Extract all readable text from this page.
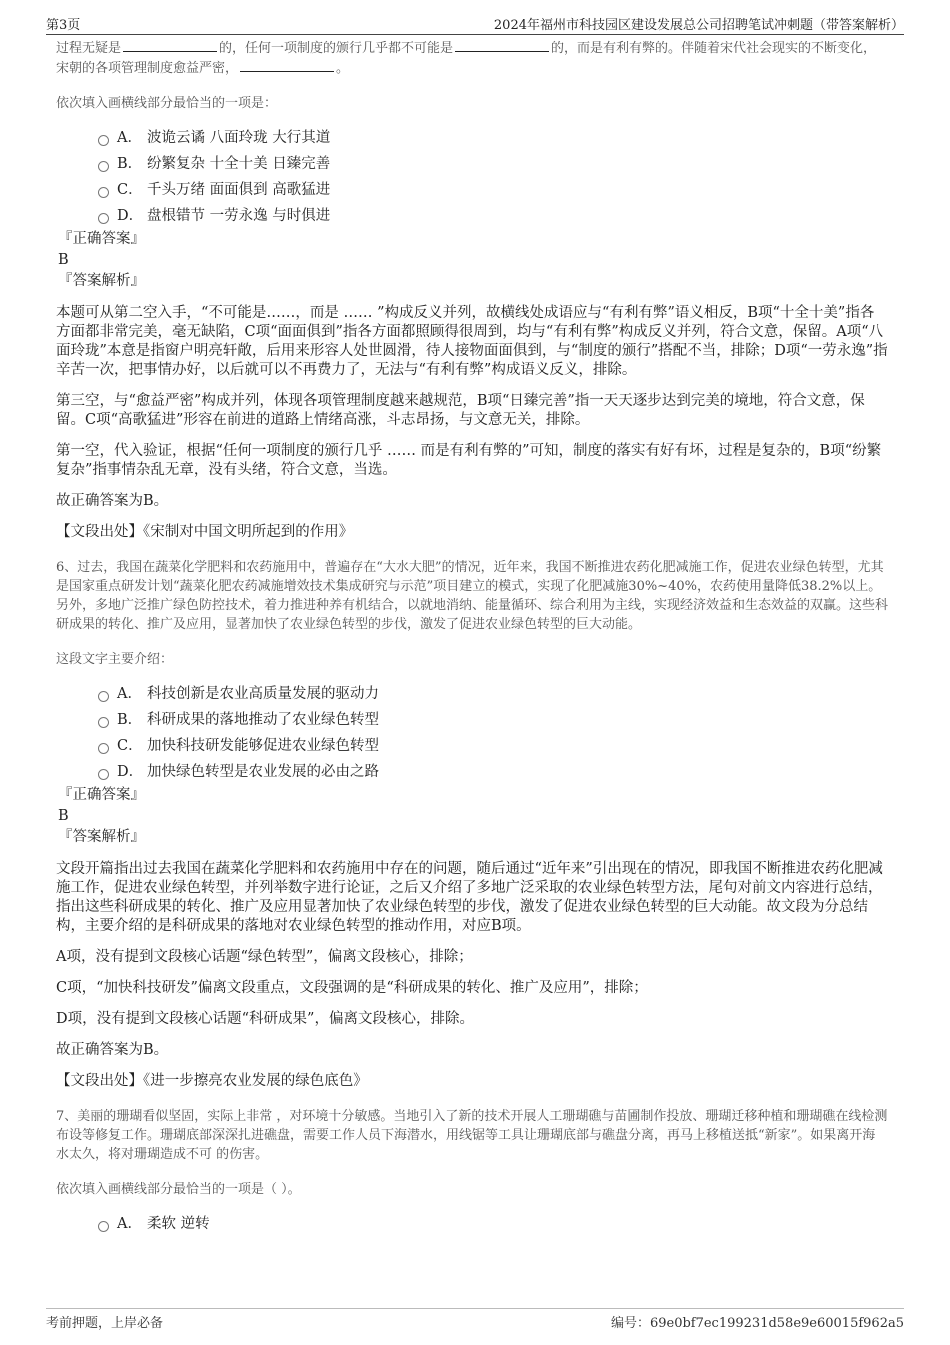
第3页	2024年福州市科技园区建设发展总公司招聘笔试冲刺题（带答案解析）

过程无疑是	的，任何一项制度的颁行几乎都不可能是	的，而是有利有弊的。伴随着宋代社会现实的不断变化，
宋朝的各项管理制度愈益严密，	。

依次填入画横线部分最恰当的一项是：

A． 波诡云谲 八面玲珑 大行其道
B． 纷繁复杂 十全十美 日臻完善
C． 千头万绪 面面俱到 高歌猛进
D． 盘根错节 一劳永逸 与时俱进

『正确答案』

B

『答案解析』

本题可从第二空入手，“不可能是……，而是 …… ”构成反义并列，故横线处成语应与“有利有弊”语义相反，B项“十全十美”指各方面都非常完美，毫无缺陷，C项“面面俱到”指各方面都照顾得很周到，均与“有利有弊”构成反义并列，符合文意，保留。A项“八面玲珑”本意是指窗户明亮轩敞，后用来形容人处世圆滑，待人接物面面俱到，与“制度的颁行”搭配不当，排除；D项“一劳永逸”指辛苦一次，把事情办好，以后就可以不再费力了，无法与“有利有弊”构成语义反义，排除。

第三空，与“愈益严密”构成并列，体现各项管理制度越来越规范，B项“日臻完善”指一天天逐步达到完美的境地，符合文意，保留。C项“高歌猛进”形容在前进的道路上情绪高涨，斗志昂扬，与文意无关，排除。

第一空，代入验证，根据“任何一项制度的颁行几乎 …… 而是有利有弊的”可知，制度的落实有好有坏，过程是复杂的，B项“纷繁复杂”指事情杂乱无章，没有头绪，符合文意，当选。

故正确答案为B。

【文段出处】《宋制对中国文明所起到的作用》

6、过去，我国在蔬菜化学肥料和农药施用中，普遍存在“大水大肥”的情况，近年来，我国不断推进农药化肥减施工作，促进农业绿色转型，尤其是国家重点研发计划“蔬菜化肥农药减施增效技术集成研究与示范”项目建立的模式，实现了化肥减施30%~40%，农药使用量降低38.2%以上。另外，多地广泛推广绿色防控技术，着力推进种养有机结合，以就地消纳、能量循环、综合利用为主线，实现经济效益和生态效益的双赢。这些科研成果的转化、推广及应用，显著加快了农业绿色转型的步伐，激发了促进农业绿色转型的巨大动能。

这段文字主要介绍：

A． 科技创新是农业高质量发展的驱动力
B． 科研成果的落地推动了农业绿色转型
C． 加快科技研发能够促进农业绿色转型
D． 加快绿色转型是农业发展的必由之路

『正确答案』

B

『答案解析』

文段开篇指出过去我国在蔬菜化学肥料和农药施用中存在的问题，随后通过“近年来”引出现在的情况，即我国不断推进农药化肥减施工作，促进农业绿色转型，并列举数字进行论证，之后又介绍了多地广泛采取的农业绿色转型方法，尾句对前文内容进行总结，指出这些科研成果的转化、推广及应用显著加快了农业绿色转型的步伐，激发了促进农业绿色转型的巨大动能。故文段为分总结构，主要介绍的是科研成果的落地对农业绿色转型的推动作用，对应B项。

A项，没有提到文段核心话题“绿色转型”，偏离文段核心，排除；

C项，“加快科技研发”偏离文段重点，文段强调的是“科研成果的转化、推广及应用”，排除；

D项，没有提到文段核心话题“科研成果”，偏离文段核心，排除。

故正确答案为B。

【文段出处】《进一步擦亮农业发展的绿色底色》

7、美丽的珊瑚看似坚固，实际上非常 ，对环境十分敏感。当地引入了新的技术开展人工珊瑚礁与苗圃制作投放、珊瑚迁移种植和珊瑚礁在线检测布设等修复工作。珊瑚底部深深扎进礁盘，需要工作人员下海潜水，用线锯等工具让珊瑚底部与礁盘分离，再马上移植送抵“新家”。如果离开海水太久，将对珊瑚造成不可 的伤害。

依次填入画横线部分最恰当的一项是（ ）。

A． 柔软 逆转
考前押题，上岸必备	编号：69e0bf7ec199231d58e9e60015f962a5
